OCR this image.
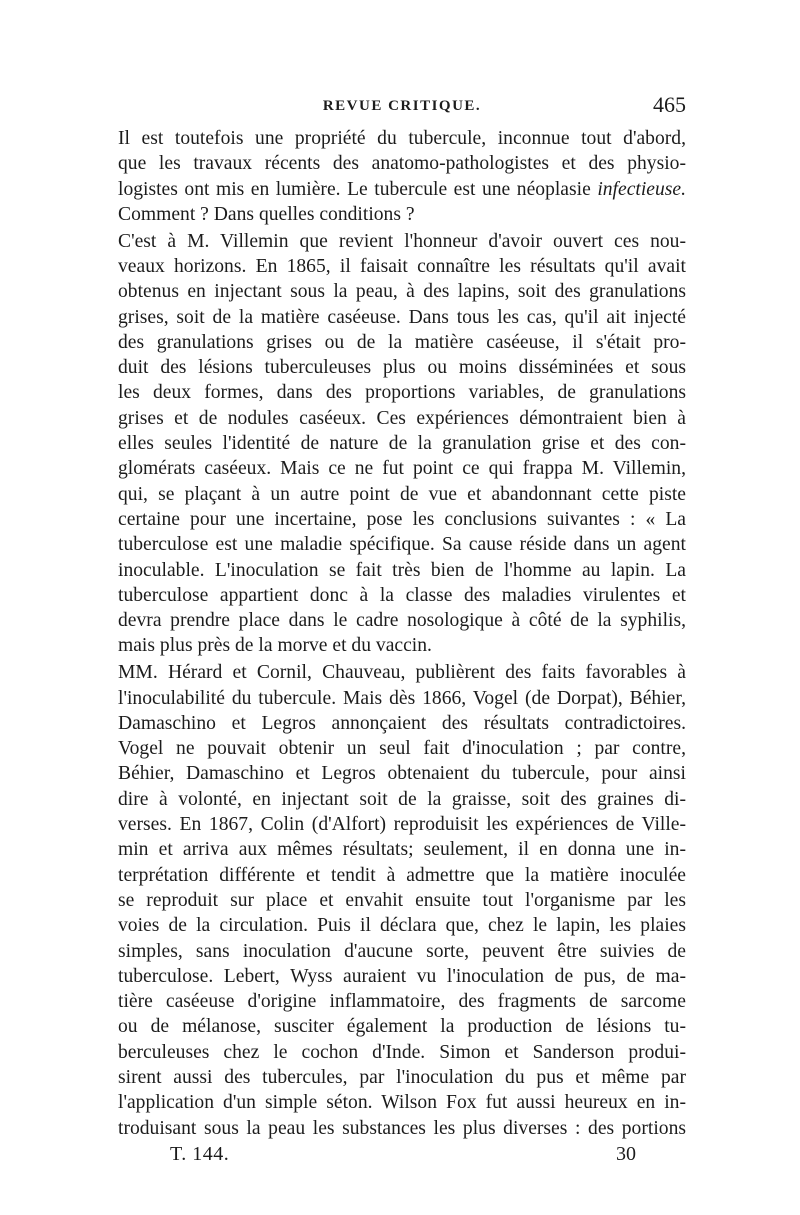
REVUE CRITIQUE.	465
Il est toutefois une propriété du tubercule, inconnue tout d'abord,
que les travaux récents des anatomo-pathologistes et des physio-
logistes ont mis en lumière. Le tubercule est une néoplasie infectieuse.
Comment ? Dans quelles conditions ?
C'est à M. Villemin que revient l'honneur d'avoir ouvert ces nou-
veaux horizons. En 1865, il faisait connaître les résultats qu'il avait
obtenus en injectant sous la peau, à des lapins, soit des granulations
grises, soit de la matière caséeuse. Dans tous les cas, qu'il ait injecté
des granulations grises ou de la matière caséeuse, il s'était pro-
duit des lésions tuberculeuses plus ou moins disséminées et sous
les deux formes, dans des proportions variables, de granulations
grises et de nodules caséeux. Ces expériences démontraient bien à
elles seules l'identité de nature de la granulation grise et des con-
glomérats caséeux. Mais ce ne fut point ce qui frappa M. Villemin,
qui, se plaçant à un autre point de vue et abandonnant cette piste
certaine pour une incertaine, pose les conclusions suivantes : « La
tuberculose est une maladie spécifique. Sa cause réside dans un agent
inoculable. L'inoculation se fait très bien de l'homme au lapin. La
tuberculose appartient donc à la classe des maladies virulentes et
devra prendre place dans le cadre nosologique à côté de la syphilis,
mais plus près de la morve et du vaccin.
MM. Hérard et Cornil, Chauveau, publièrent des faits favorables à
l'inoculabilité du tubercule. Mais dès 1866, Vogel (de Dorpat), Béhier,
Damaschino et Legros annonçaient des résultats contradictoires.
Vogel ne pouvait obtenir un seul fait d'inoculation ; par contre,
Béhier, Damaschino et Legros obtenaient du tubercule, pour ainsi
dire à volonté, en injectant soit de la graisse, soit des graines di-
verses. En 1867, Colin (d'Alfort) reproduisit les expériences de Ville-
min et arriva aux mêmes résultats; seulement, il en donna une in-
terprétation différente et tendit à admettre que la matière inoculée
se reproduit sur place et envahit ensuite tout l'organisme par les
voies de la circulation. Puis il déclara que, chez le lapin, les plaies
simples, sans inoculation d'aucune sorte, peuvent être suivies de
tuberculose. Lebert, Wyss auraient vu l'inoculation de pus, de ma-
tière caséeuse d'origine inflammatoire, des fragments de sarcome
ou de mélanose, susciter également la production de lésions tu-
berculeuses chez le cochon d'Inde. Simon et Sanderson produi-
sirent aussi des tubercules, par l'inoculation du pus et même par
l'application d'un simple séton. Wilson Fox fut aussi heureux en in-
troduisant sous la peau les substances les plus diverses : des portions
T. 144.	30
